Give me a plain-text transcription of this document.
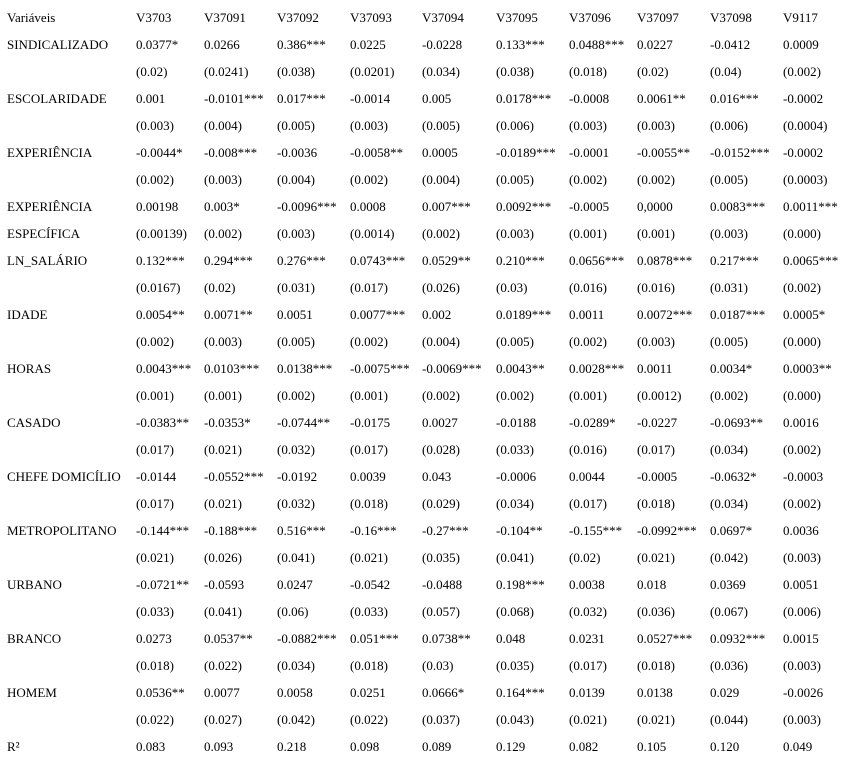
Variáveis	V3703	V37091	V37092	V37093	V37094	V37095	V37096	V37097	V37098	V9117
SINDICALIZADO	0.0377*	0.0266	0.386***	0.0225	-0.0228	0.133***	0.0488***	0.0227	-0.0412	0.0009
	(0.02)	(0.0241)	(0.038)	(0.0201)	(0.034)	(0.038)	(0.018)	(0.02)	(0.04)	(0.002)
ESCOLARIDADE	0.001	-0.0101***	0.017***	-0.0014	0.005	0.0178***	-0.0008	0.0061**	0.016***	-0.0002
	(0.003)	(0.004)	(0.005)	(0.003)	(0.005)	(0.006)	(0.003)	(0.003)	(0.006)	(0.0004)
EXPERIÊNCIA	-0.0044*	-0.008***	-0.0036	-0.0058**	0.0005	-0.0189***	-0.0001	-0.0055**	-0.0152***	-0.0002
	(0.002)	(0.003)	(0.004)	(0.002)	(0.004)	(0.005)	(0.002)	(0.002)	(0.005)	(0.0003)
EXPERIÊNCIA	0.00198	0.003*	-0.0096***	0.0008	0.007***	0.0092***	-0.0005	0,0000	0.0083***	0.0011***
ESPECÍFICA	(0.00139)	(0.002)	(0.003)	(0.0014)	(0.002)	(0.003)	(0.001)	(0.001)	(0.003)	(0.000)
LN_SALÁRIO	0.132***	0.294***	0.276***	0.0743***	0.0529**	0.210***	0.0656***	0.0878***	0.217***	0.0065***
	(0.0167)	(0.02)	(0.031)	(0.017)	(0.026)	(0.03)	(0.016)	(0.016)	(0.031)	(0.002)
IDADE	0.0054**	0.0071**	0.0051	0.0077***	0.002	0.0189***	0.0011	0.0072***	0.0187***	0.0005*
	(0.002)	(0.003)	(0.005)	(0.002)	(0.004)	(0.005)	(0.002)	(0.003)	(0.005)	(0.000)
HORAS	0.0043***	0.0103***	0.0138***	-0.0075***	-0.0069***	0.0043**	0.0028***	0.0011	0.0034*	0.0003**
	(0.001)	(0.001)	(0.002)	(0.001)	(0.002)	(0.002)	(0.001)	(0.0012)	(0.002)	(0.000)
CASADO	-0.0383**	-0.0353*	-0.0744**	-0.0175	0.0027	-0.0188	-0.0289*	-0.0227	-0.0693**	0.0016
	(0.017)	(0.021)	(0.032)	(0.017)	(0.028)	(0.033)	(0.016)	(0.017)	(0.034)	(0.002)
CHEFE DOMICÍLIO	-0.0144	-0.0552***	-0.0192	0.0039	0.043	-0.0006	0.0044	-0.0005	-0.0632*	-0.0003
	(0.017)	(0.021)	(0.032)	(0.018)	(0.029)	(0.034)	(0.017)	(0.018)	(0.034)	(0.002)
METROPOLITANO	-0.144***	-0.188***	0.516***	-0.16***	-0.27***	-0.104**	-0.155***	-0.0992***	0.0697*	0.0036
	(0.021)	(0.026)	(0.041)	(0.021)	(0.035)	(0.041)	(0.02)	(0.021)	(0.042)	(0.003)
URBANO	-0.0721**	-0.0593	0.0247	-0.0542	-0.0488	0.198***	0.0038	0.018	0.0369	0.0051
	(0.033)	(0.041)	(0.06)	(0.033)	(0.057)	(0.068)	(0.032)	(0.036)	(0.067)	(0.006)
BRANCO	0.0273	0.0537**	-0.0882***	0.051***	0.0738**	0.048	0.0231	0.0527***	0.0932***	0.0015
	(0.018)	(0.022)	(0.034)	(0.018)	(0.03)	(0.035)	(0.017)	(0.018)	(0.036)	(0.003)
HOMEM	0.0536**	0.0077	0.0058	0.0251	0.0666*	0.164***	0.0139	0.0138	0.029	-0.0026
	(0.022)	(0.027)	(0.042)	(0.022)	(0.037)	(0.043)	(0.021)	(0.021)	(0.044)	(0.003)
R²	0.083	0.093	0.218	0.098	0.089	0.129	0.082	0.105	0.120	0.049
